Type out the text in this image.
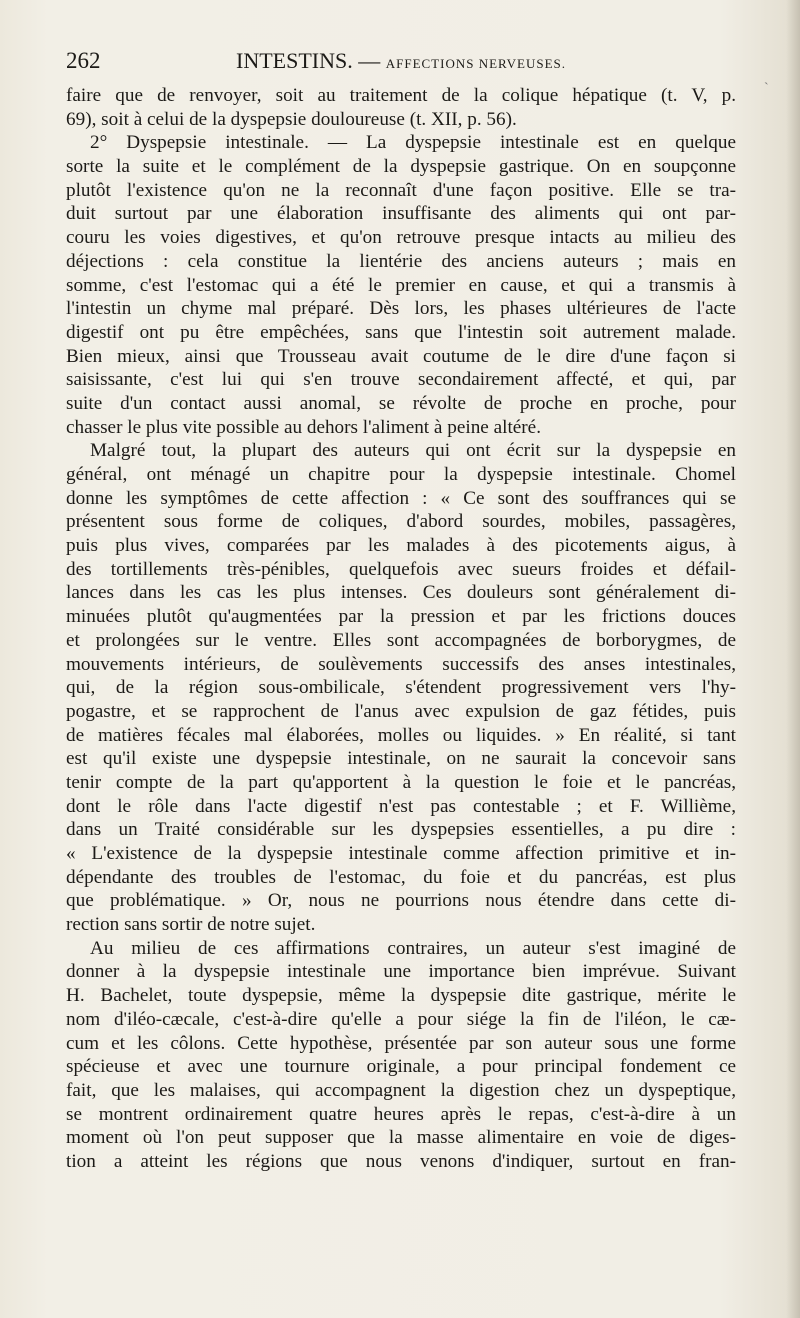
262	INTESTINS. — AFFECTIONS NERVEUSES.
`
faire que de renvoyer, soit au traitement de la colique hépatique (t. V, p.
69), soit à celui de la dyspepsie douloureuse (t. XII, p. 56).
2° Dyspepsie intestinale. — La dyspepsie intestinale est en quelque
sorte la suite et le complément de la dyspepsie gastrique. On en soupçonne
plutôt l'existence qu'on ne la reconnaît d'une façon positive. Elle se tra-
duit surtout par une élaboration insuffisante des aliments qui ont par-
couru les voies digestives, et qu'on retrouve presque intacts au milieu des
déjections : cela constitue la lientérie des anciens auteurs ; mais en
somme, c'est l'estomac qui a été le premier en cause, et qui a transmis à
l'intestin un chyme mal préparé. Dès lors, les phases ultérieures de l'acte
digestif ont pu être empêchées, sans que l'intestin soit autrement malade.
Bien mieux, ainsi que Trousseau avait coutume de le dire d'une façon si
saisissante, c'est lui qui s'en trouve secondairement affecté, et qui, par
suite d'un contact aussi anomal, se révolte de proche en proche, pour
chasser le plus vite possible au dehors l'aliment à peine altéré.
Malgré tout, la plupart des auteurs qui ont écrit sur la dyspepsie en
général, ont ménagé un chapitre pour la dyspepsie intestinale. Chomel
donne les symptômes de cette affection : « Ce sont des souffrances qui se
présentent sous forme de coliques, d'abord sourdes, mobiles, passagères,
puis plus vives, comparées par les malades à des picotements aigus, à
des tortillements très-pénibles, quelquefois avec sueurs froides et défail-
lances dans les cas les plus intenses. Ces douleurs sont généralement di-
minuées plutôt qu'augmentées par la pression et par les frictions douces
et prolongées sur le ventre. Elles sont accompagnées de borborygmes, de
mouvements intérieurs, de soulèvements successifs des anses intestinales,
qui, de la région sous-ombilicale, s'étendent progressivement vers l'hy-
pogastre, et se rapprochent de l'anus avec expulsion de gaz fétides, puis
de matières fécales mal élaborées, molles ou liquides. » En réalité, si tant
est qu'il existe une dyspepsie intestinale, on ne saurait la concevoir sans
tenir compte de la part qu'apportent à la question le foie et le pancréas,
dont le rôle dans l'acte digestif n'est pas contestable ; et F. Willième,
dans un Traité considérable sur les dyspepsies essentielles, a pu dire :
« L'existence de la dyspepsie intestinale comme affection primitive et in-
dépendante des troubles de l'estomac, du foie et du pancréas, est plus
que problématique. » Or, nous ne pourrions nous étendre dans cette di-
rection sans sortir de notre sujet.
Au milieu de ces affirmations contraires, un auteur s'est imaginé de
donner à la dyspepsie intestinale une importance bien imprévue. Suivant
H. Bachelet, toute dyspepsie, même la dyspepsie dite gastrique, mérite le
nom d'iléo-cæcale, c'est-à-dire qu'elle a pour siége la fin de l'iléon, le cæ-
cum et les côlons. Cette hypothèse, présentée par son auteur sous une forme
spécieuse et avec une tournure originale, a pour principal fondement ce
fait, que les malaises, qui accompagnent la digestion chez un dyspeptique,
se montrent ordinairement quatre heures après le repas, c'est-à-dire à un
moment où l'on peut supposer que la masse alimentaire en voie de diges-
tion a atteint les régions que nous venons d'indiquer, surtout en fran-
